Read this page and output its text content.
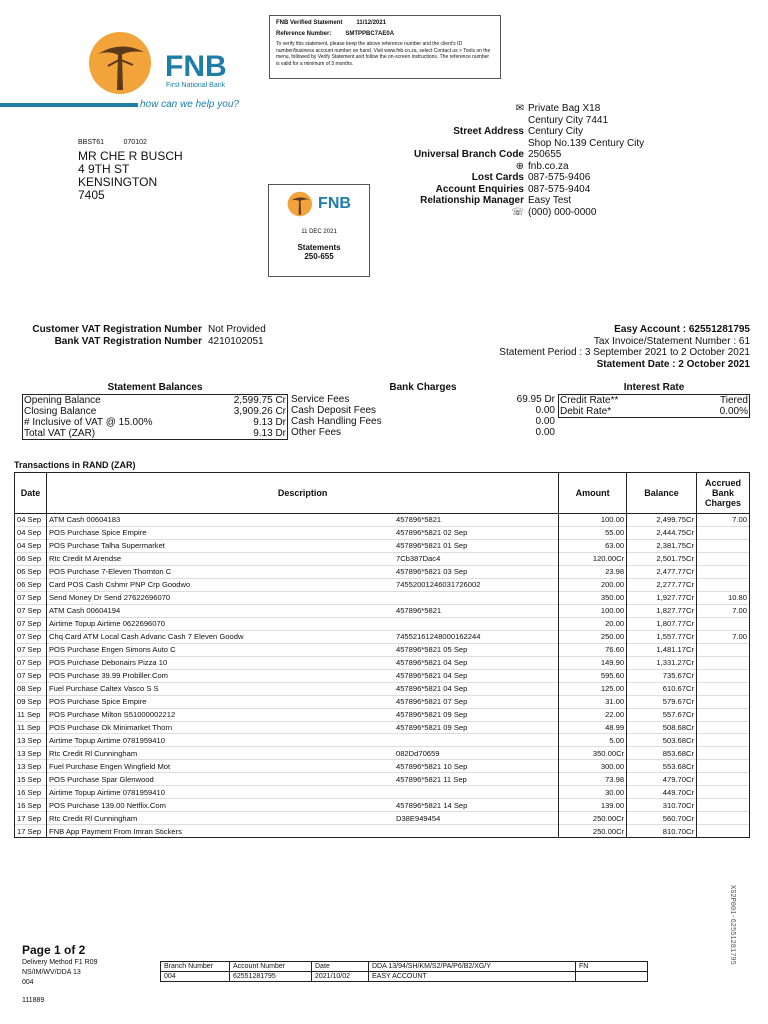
FNB Verified Statement 11/12/2021
Reference Number: SMTPPBC7AE0A
To verify this statement, please keep the above reference number and the client's ID number/business account number on hand. Visit www.fnb.co.za, select Contact us > Tools on the menu, followed by Verify Statement and follow the on-screen instructions. The reference number is valid for a minimum of 3 months.
FNB
First National Bank
how can we help you?
BBST61          070102
MR CHE R BUSCH
4 9TH ST
KENSINGTON
7405
✉ Private Bag X18
Century City 7441
Street Address Century City
Shop No.139 Century City
Universal Branch Code 250655
⊕ fnb.co.za
Lost Cards 087-575-9406
Account Enquiries 087-575-9404
Relationship Manager Easy Test
☏ (000) 000-0000
FNB
11 DEC 2021
Statements
250-655
Customer VAT Registration Number Not Provided
Bank VAT Registration Number 4210102051
Easy Account : 62551281795
Tax Invoice/Statement Number : 61
Statement Period : 3 September 2021 to 2 October 2021
Statement Date : 2 October 2021
Statement Balances	Bank Charges	Interest Rate
Opening Balance	2,599.75 Cr
Closing Balance	3,909.26 Cr
# Inclusive of VAT @ 15.00%	9.13 Dr
Total VAT (ZAR)	9.13 Dr
Service Fees	69.95 Dr
Cash Deposit Fees	0.00
Cash Handling Fees	0.00
Other Fees	0.00
Credit Rate**	Tiered
Debit Rate*	0.00%
Transactions in RAND (ZAR)
Date	Description		Amount	Balance	Accrued Bank Charges
04 Sep	ATM Cash 00604183	457896*5821	100.00	2,499.75Cr	7.00
04 Sep	POS Purchase Spice Empire	457896*5821 02 Sep	55.00	2,444.75Cr	
04 Sep	POS Purchase Talha Supermarket	457896*5821 01 Sep	63.00	2,381.75Cr	
06 Sep	Rtc Credit M Arendse	7Cb387Dac4	120.00Cr	2,501.75Cr	
06 Sep	POS Purchase 7-Eleven Thornton C	457896*5821 03 Sep	23.98	2,477.77Cr	
06 Sep	Card POS Cash Cshmr PNP Crp Goodwo	7455200124603172600​2	200.00	2,277.77Cr	
07 Sep	Send Money Dr Send 27622696070		350.00	1,927.77Cr	10.80
07 Sep	ATM Cash 00604194	457896*5821	100.00	1,827.77Cr	7.00
07 Sep	Airtime Topup Airtime 0622696070		20.00	1,807.77Cr	
07 Sep	Chq Card ATM Local Cash Advanc Cash 7 Eleven Goodw	74552161248000162244	250.00	1,557.77Cr	7.00
07 Sep	POS Purchase Engen Simons Auto C	457896*5821 05 Sep	76.60	1,481.17Cr	
07 Sep	POS Purchase Debonairs Pizza 10	457896*5821 04 Sep	149.90	1,331.27Cr	
07 Sep	POS Purchase 39.99 Probiller.Com	457896*5821 04 Sep	595.60	735.67Cr	
08 Sep	Fuel Purchase Caltex Vasco S S	457896*5821 04 Sep	125.00	610.67Cr	
09 Sep	POS Purchase Spice Empire	457896*5821 07 Sep	31.00	579.67Cr	
11 Sep	POS Purchase Milton S51000002212	457896*5821 09 Sep	22.00	557.67Cr	
11 Sep	POS Purchase Ok Minimarket Thorn	457896*5821 09 Sep	48.99	508.68Cr	
13 Sep	Airtime Topup Airtime 0781959410		5.00	503.68Cr	
13 Sep	Rtc Credit Rl Cunningham	082Dd70659	350.00Cr	853.68Cr	
13 Sep	Fuel Purchase Engen Wingfield Mot	457896*5821 10 Sep	300.00	553.68Cr	
15 Sep	POS Purchase Spar Glenwood	457896*5821 11 Sep	73.98	479.70Cr	
16 Sep	Airtime Topup Airtime 0781959410		30.00	449.70Cr	
16 Sep	POS Purchase 139.00 Netflix.Com	457896*5821 14 Sep	139.00	310.70Cr	
17 Sep	Rtc Credit Rl Cunningham	D38E949454	250.00Cr	560.70Cr	
17 Sep	FNB App Payment From Imran Stickers		250.00Cr	810.70Cr	
XS2P001-62551281795
Page 1 of 2
Delivery Method F1 R09
NS/IM/WV/DDA 13
004
111889
Branch Number	Account Number	Date	DDA 13/94/SH/KM/S2/PA/P6/B2/XG/Y	FN
004	62551281795	2021/10/02	EASY ACCOUNT	
